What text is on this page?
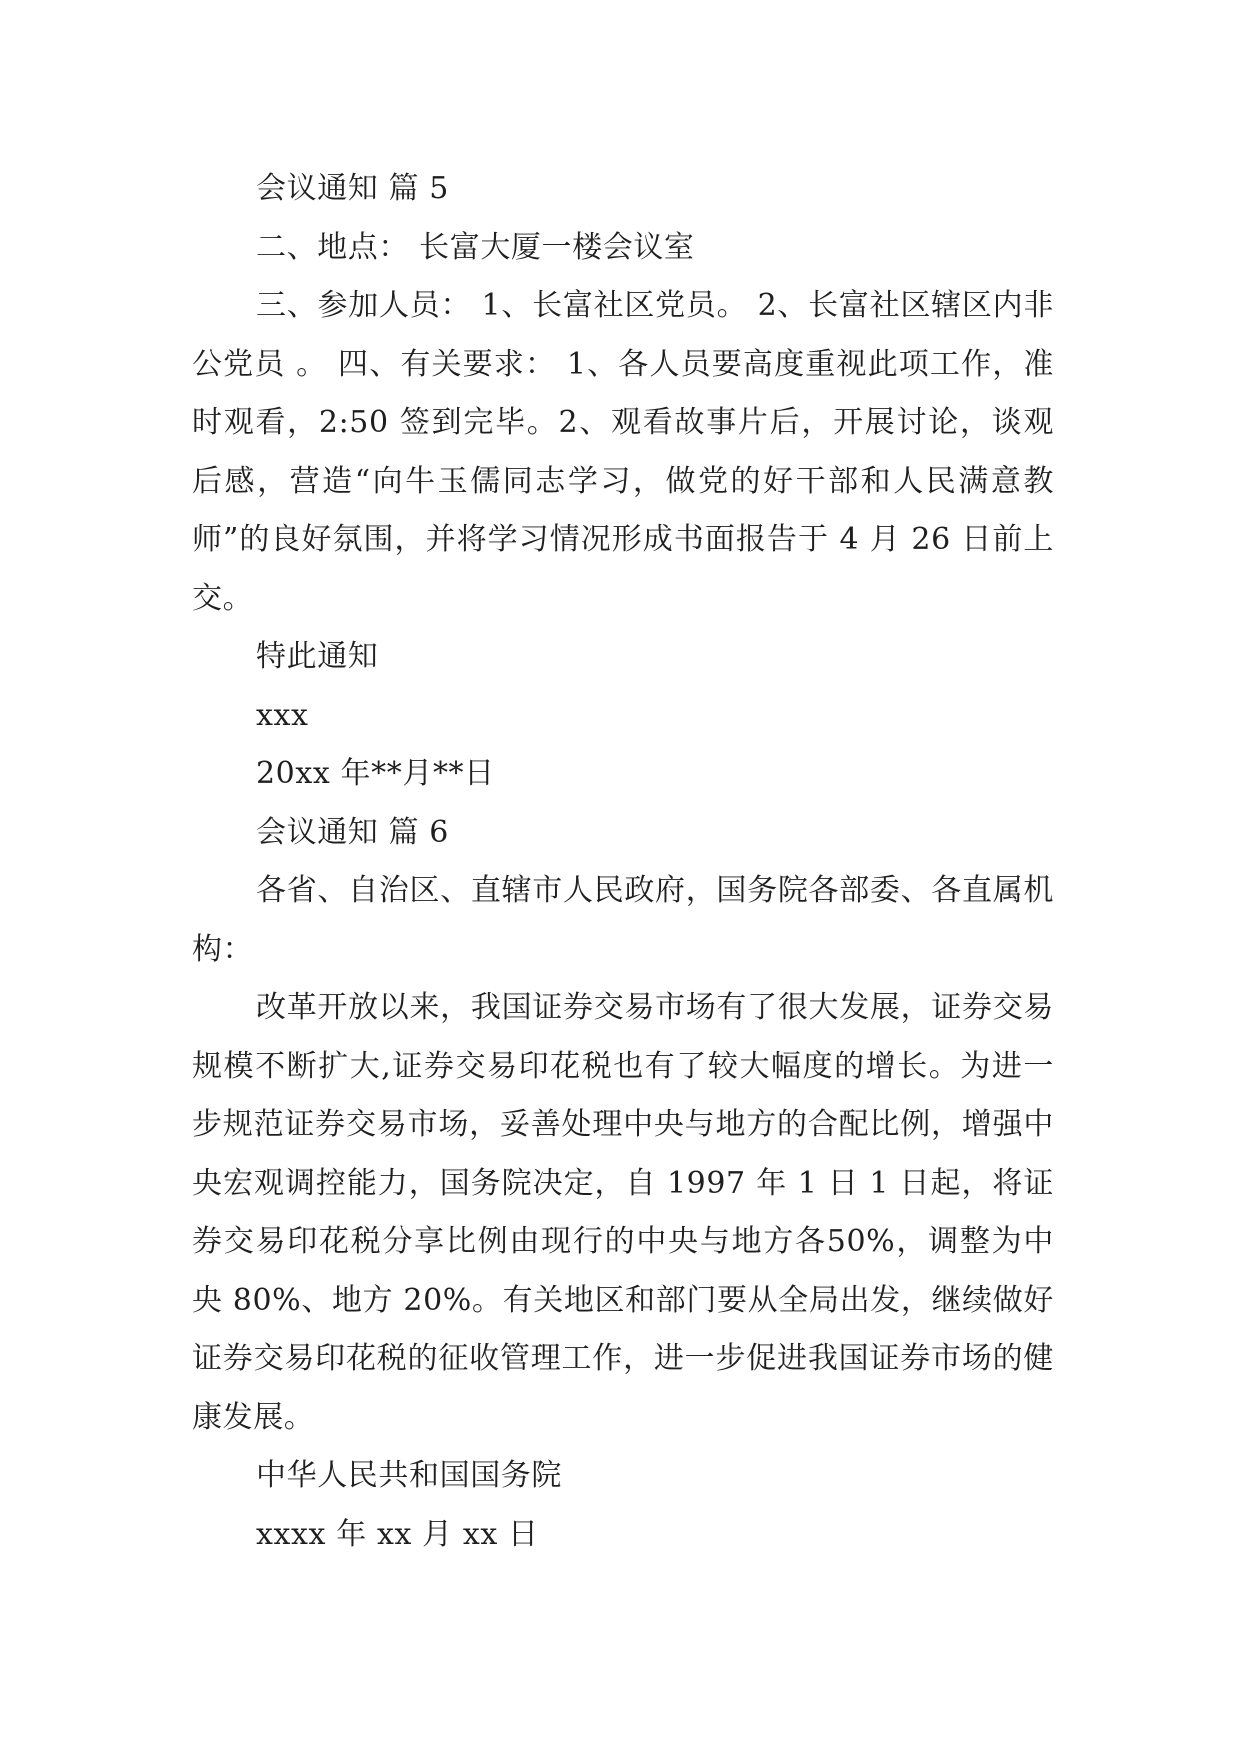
会议通知 篇 5

二、地点： 长富大厦一楼会议室

三、参加人员： 1、长富社区党员。 2、长富社区辖区内非公党员 。 四、有关要求： 1、各人员要高度重视此项工作，准时观看，2:50 签到完毕。2、观看故事片后，开展讨论，谈观后感，营造“向牛玉儒同志学习，做党的好干部和人民满意教师”的良好氛围，并将学习情况形成书面报告于 4 月 26 日前上交。

特此通知

xxx

20xx 年**月**日

会议通知 篇 6

各省、自治区、直辖市人民政府，国务院各部委、各直属机构：

改革开放以来，我国证券交易市场有了很大发展，证券交易规模不断扩大,证券交易印花税也有了较大幅度的增长。为进一步规范证券交易市场，妥善处理中央与地方的合配比例，增强中央宏观调控能力，国务院决定，自 1997 年 1 日 1 日起，将证券交易印花税分享比例由现行的中央与地方各50%，调整为中央 80%、地方 20%。有关地区和部门要从全局出发，继续做好证券交易印花税的征收管理工作，进一步促进我国证券市场的健康发展。

中华人民共和国国务院

xxxx 年 xx 月 xx 日
